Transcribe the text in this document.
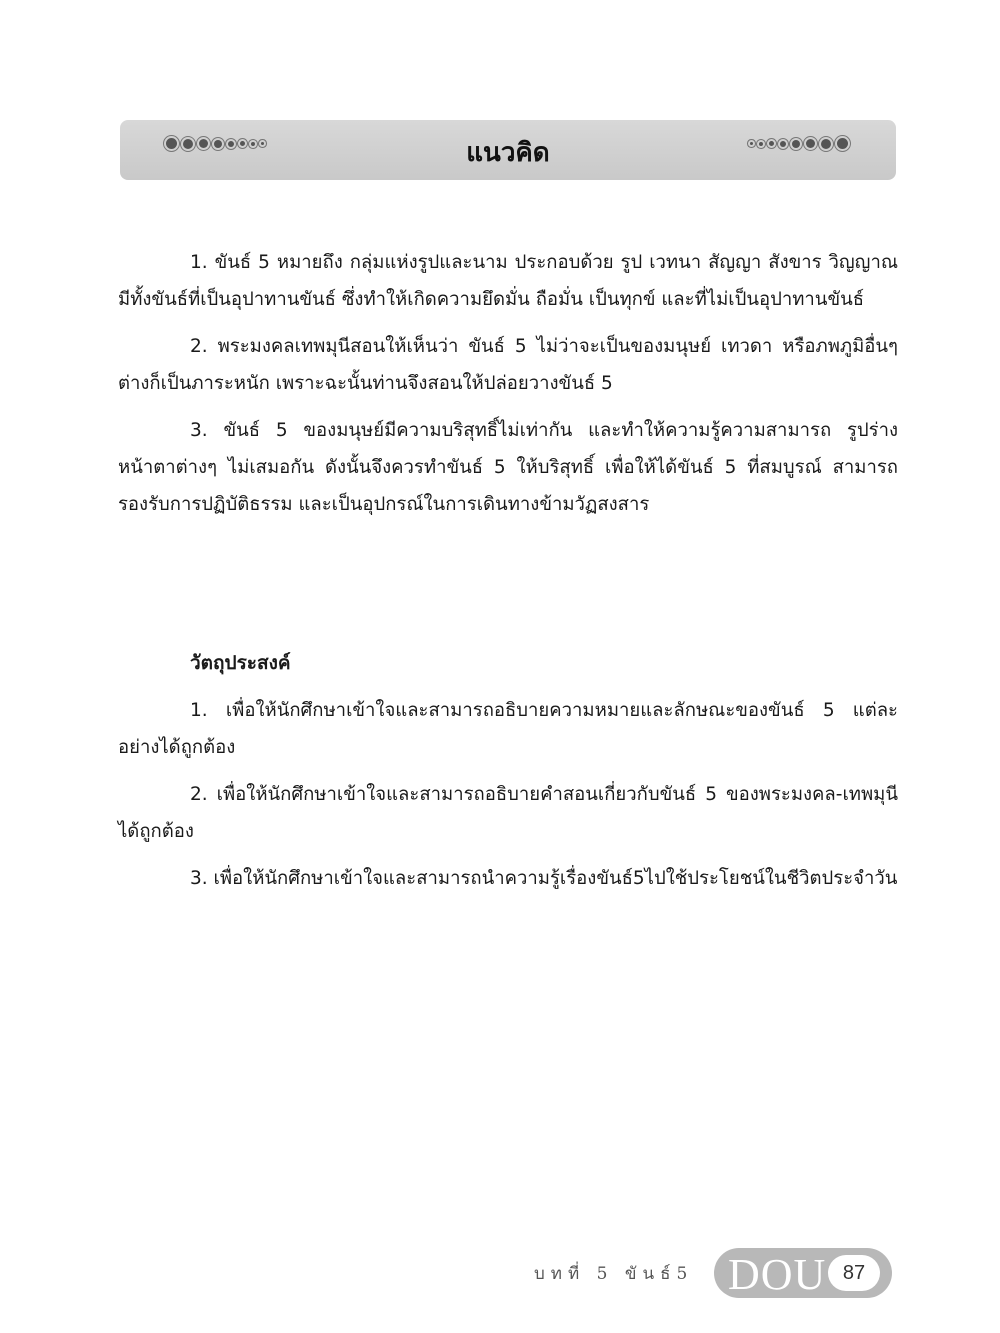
แนวคิด

1. ขันธ์ 5 หมายถึง กลุ่มแห่งรูปและนาม ประกอบด้วย รูป เวทนา สัญญา สังขาร วิญญาณ มีทั้งขันธ์ที่เป็นอุปาทานขันธ์ ซึ่งทำให้เกิดความยึดมั่น ถือมั่น เป็นทุกข์ และที่ไม่เป็นอุปาทานขันธ์

2. พระมงคลเทพมุนีสอนให้เห็นว่า ขันธ์ 5 ไม่ว่าจะเป็นของมนุษย์ เทวดา หรือภพภูมิอื่นๆ ต่างก็เป็นภาระหนัก เพราะฉะนั้นท่านจึงสอนให้ปล่อยวางขันธ์ 5

3. ขันธ์ 5 ของมนุษย์มีความบริสุทธิ์ไม่เท่ากัน และทำให้ความรู้ความสามารถ รูปร่างหน้าตาต่างๆ ไม่เสมอกัน ดังนั้นจึงควรทำขันธ์ 5 ให้บริสุทธิ์ เพื่อให้ได้ขันธ์ 5 ที่สมบูรณ์ สามารถรองรับการปฏิบัติธรรม และเป็นอุปกรณ์ในการเดินทางข้ามวัฏสงสาร

วัตถุประสงค์

1. เพื่อให้นักศึกษาเข้าใจและสามารถอธิบายความหมายและลักษณะของขันธ์ 5 แต่ละอย่างได้ถูกต้อง

2. เพื่อให้นักศึกษาเข้าใจและสามารถอธิบายคำสอนเกี่ยวกับขันธ์ 5 ของพระมงคล-เทพมุนีได้ถูกต้อง

3. เพื่อให้นักศึกษาเข้าใจและสามารถนำความรู้เรื่องขันธ์5ไปใช้ประโยชน์ในชีวิตประจำวัน

บทที่ 5 ขันธ์5 DOU 87
